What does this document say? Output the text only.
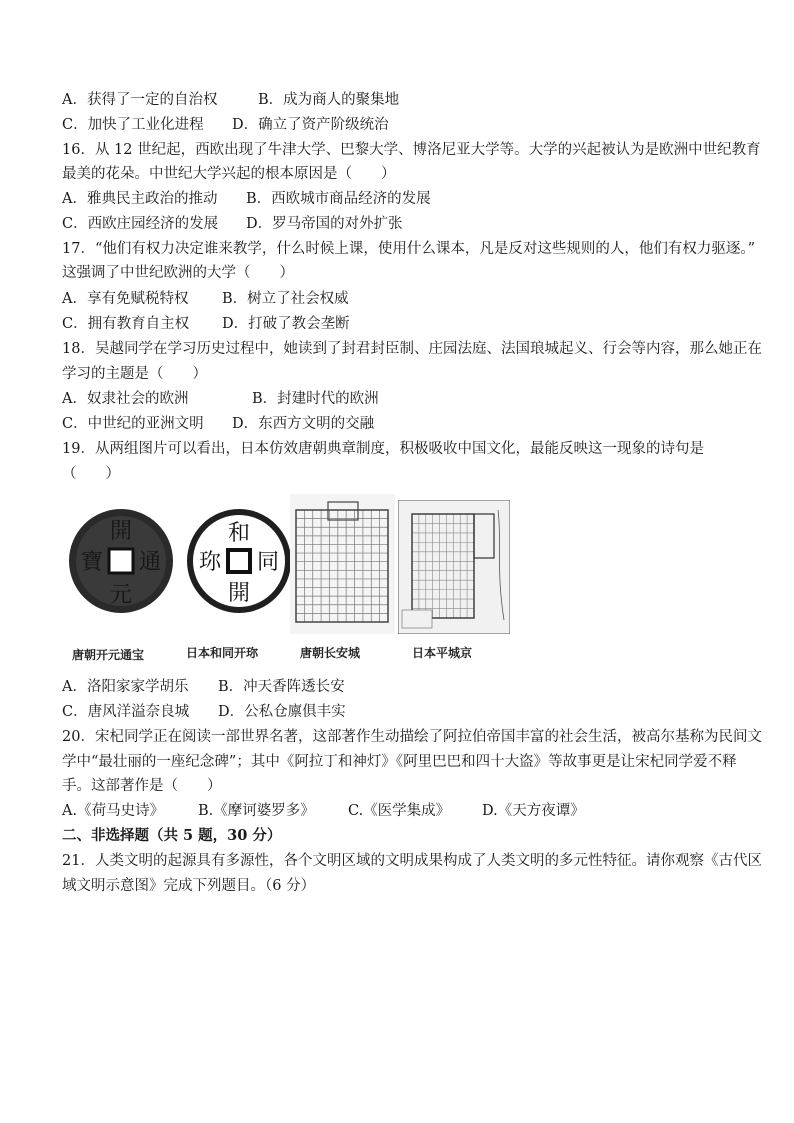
A．获得了一定的自治权	B．成为商人的聚集地
C．加快了工业化进程 D．确立了资产阶级统治
16．从 12 世纪起，西欧出现了牛津大学、巴黎大学、博洛尼亚大学等。大学的兴起被认为是欧洲中世纪教育
最美的花朵。中世纪大学兴起的根本原因是（　　）
A．雅典民主政治的推动 B．西欧城市商品经济的发展
C．西欧庄园经济的发展 D．罗马帝国的对外扩张
17．“他们有权力决定谁来教学，什么时候上课，使用什么课本，凡是反对这些规则的人，他们有权力驱逐。”
这强调了中世纪欧洲的大学（　　）
A．享有免赋税特权 B．树立了社会权威
C．拥有教育自主权 D．打破了教会垄断
18．吴越同学在学习历史过程中，她读到了封君封臣制、庄园法庭、法国琅城起义、行会等内容，那么她正在
学习的主题是（　　）
A．奴隶社会的欧洲	B．封建时代的欧洲
C．中世纪的亚洲文明 D．东西方文明的交融
19．从两组图片可以看出，日本仿效唐朝典章制度，积极吸收中国文化，最能反映这一现象的诗句是
（　　）
開
元
通
寶
和
同
開
珎
唐朝开元通宝	日本和同开珎	唐朝长安城	日本平城京
A．洛阳家家学胡乐 B．冲天香阵透长安
C．唐风洋溢奈良城 D．公私仓廪俱丰实
20．宋杞同学正在阅读一部世界名著，这部著作生动描绘了阿拉伯帝国丰富的社会生活，被高尔基称为民间文
学中“最壮丽的一座纪念碑”；其中《阿拉丁和神灯》《阿里巴巴和四十大盗》等故事更是让宋杞同学爱不释
手。这部著作是（　　）
A.《荷马史诗》 B.《摩诃婆罗多》 C.《医学集成》 D.《天方夜谭》
二、非选择题（共 5 题，30 分）
21．人类文明的起源具有多源性，各个文明区域的文明成果构成了人类文明的多元性特征。请你观察《古代区
域文明示意图》完成下列题目。（6 分）
